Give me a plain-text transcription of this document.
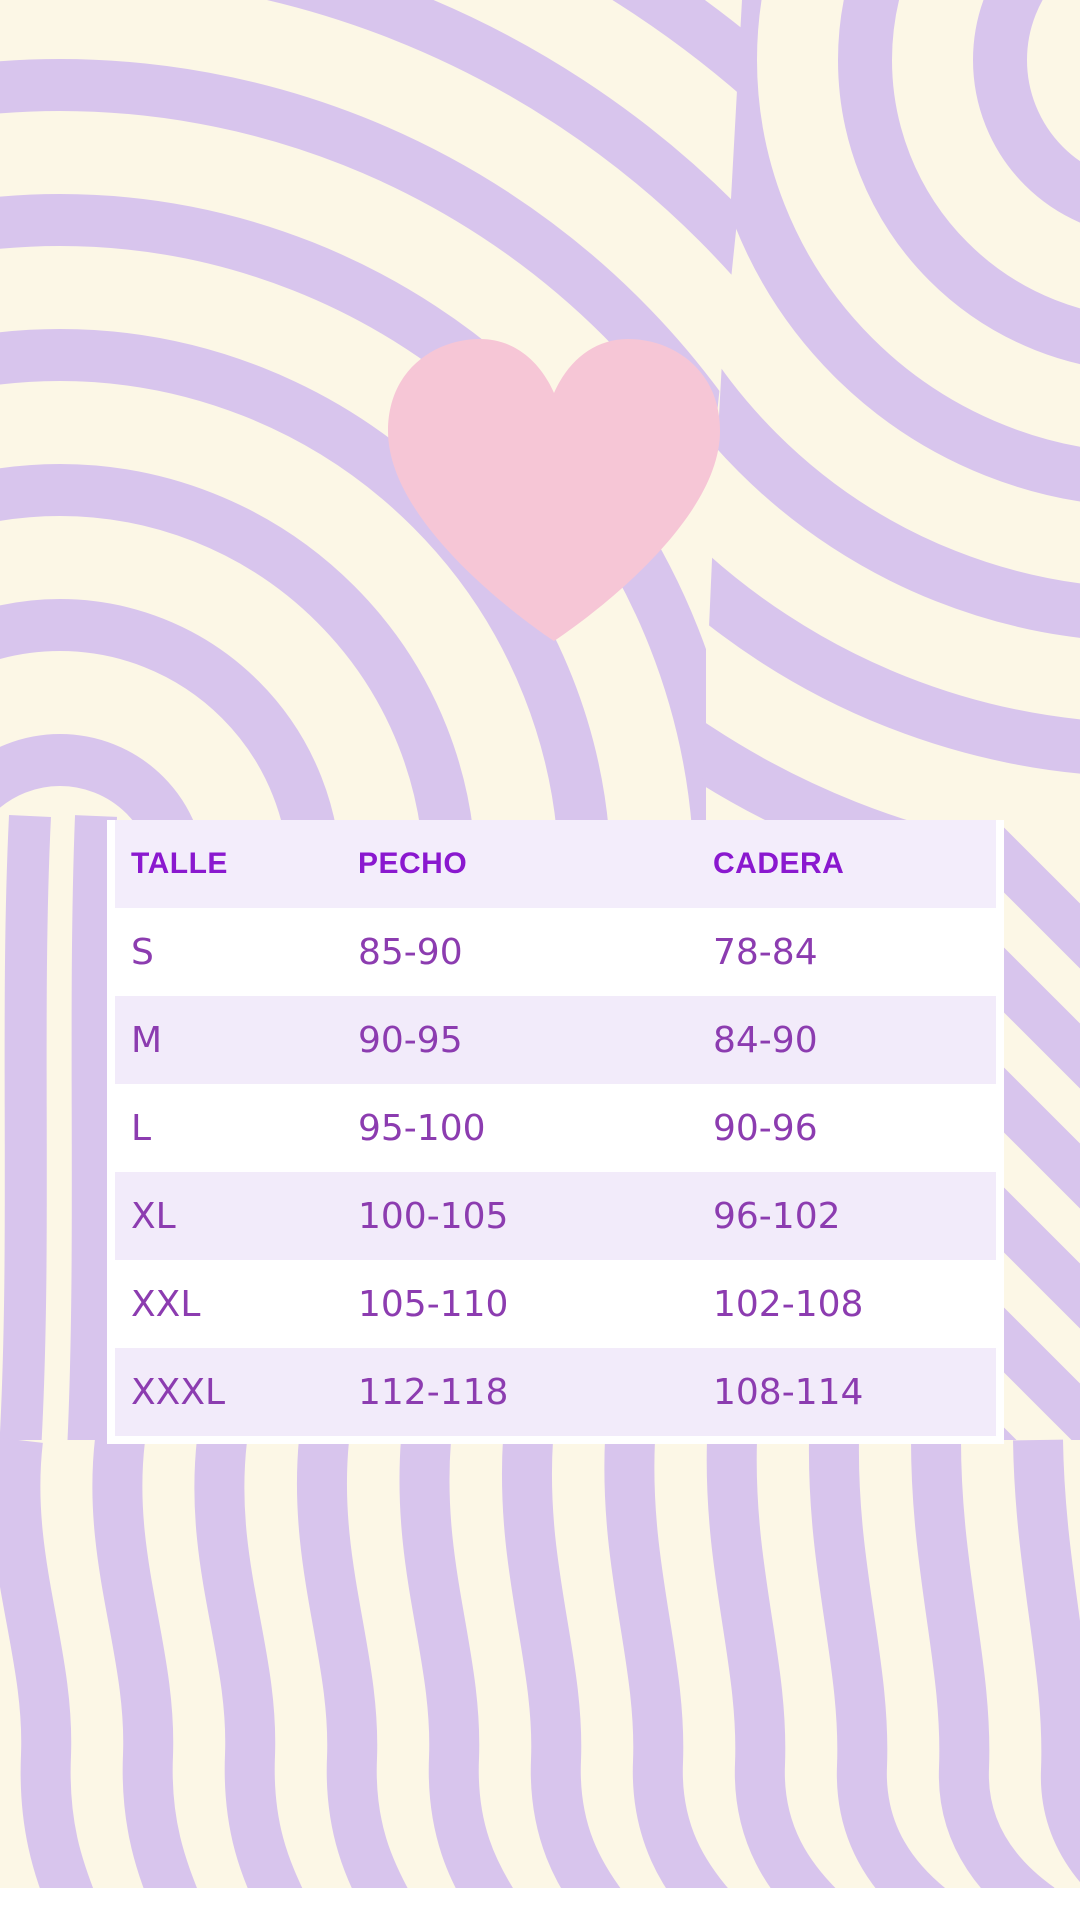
TALLE	PECHO	CADERA
S	85-90	78-84
M	90-95	84-90
L	95-100	90-96
XL	100-105	96-102
XXL	105-110	102-108
XXXL	112-118	108-114
